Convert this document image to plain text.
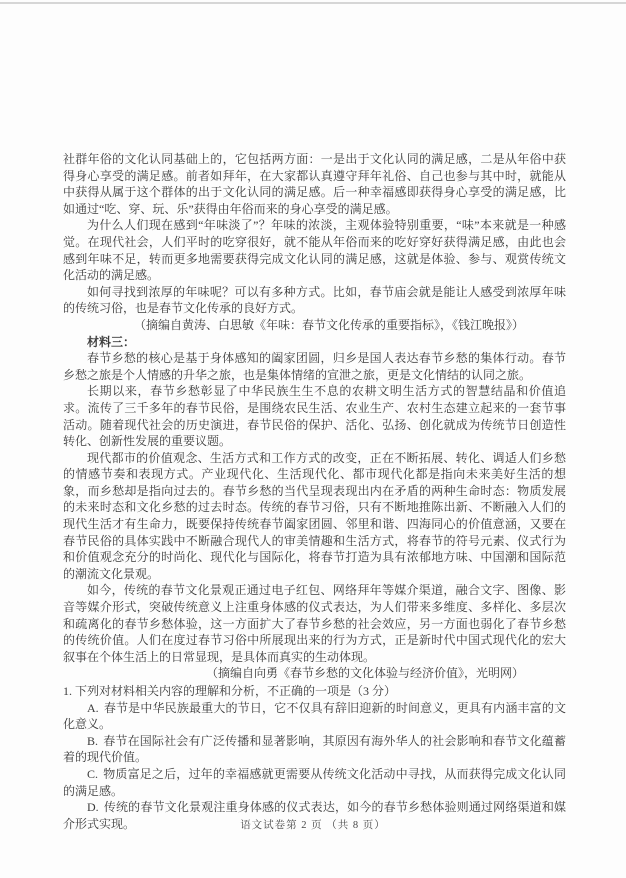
社群年俗的文化认同基础上的，它包括两方面：一是出于文化认同的满足感，二是从年俗中获得身心享受的满足感。前者如拜年，在大家都认真遵守拜年礼俗、自己也参与其中时，就能从中获得从属于这个群体的出于文化认同的满足感。后一种幸福感即获得身心享受的满足感，比如通过“吃、穿、玩、乐”获得由年俗而来的身心享受的满足感。

为什么人们现在感到“年味淡了”？年味的浓淡，主观体验特别重要，“味”本来就是一种感觉。在现代社会，人们平时的吃穿很好，就不能从年俗而来的吃好穿好获得满足感，由此也会感到年味不足，转而更多地需要获得完成文化认同的满足感，这就是体验、参与、观赏传统文化活动的满足感。

如何寻找到浓厚的年味呢？可以有多种方式。比如，春节庙会就是能让人感受到浓厚年味的传统习俗，也是春节文化传承的良好方式。

（摘编自黄涛、白思敏《年味：春节文化传承的重要指标》，《钱江晚报》）

材料三：

春节乡愁的核心是基于身体感知的阖家团圆，归乡是国人表达春节乡愁的集体行动。春节乡愁之旅是个人情感的升华之旅，也是集体情绪的宣泄之旅，更是文化情结的认同之旅。

长期以来，春节乡愁彰显了中华民族生生不息的农耕文明生活方式的智慧结晶和价值追求。流传了三千多年的春节民俗，是围绕农民生活、农业生产、农村生态建立起来的一套节事活动。随着现代社会的历史演进，春节民俗的保护、活化、弘扬、创化就成为传统节日创造性转化、创新性发展的重要议题。

现代都市的价值观念、生活方式和工作方式的改变，正在不断拓展、转化、调适人们乡愁的情感节奏和表现方式。产业现代化、生活现代化、都市现代化都是指向未来美好生活的想象，而乡愁却是指向过去的。春节乡愁的当代呈现表现出内在矛盾的两种生命时态：物质发展的未来时态和文化乡愁的过去时态。传统的春节习俗，只有不断地推陈出新、不断融入人们的现代生活才有生命力，既要保持传统春节阖家团圆、邻里和谐、四海同心的价值意涵，又要在春节民俗的具体实践中不断融合现代人的审美情趣和生活方式，将春节的符号元素、仪式行为和价值观念充分的时尚化、现代化与国际化，将春节打造为具有浓郁地方味、中国潮和国际范的潮流文化景观。

如今，传统的春节文化景观正通过电子红包、网络拜年等媒介渠道，融合文字、图像、影音等媒介形式，突破传统意义上注重身体感的仪式表达，为人们带来多维度、多样化、多层次和疏离化的春节乡愁体验，这一方面扩大了春节乡愁的社会效应，另一方面也弱化了春节乡愁的传统价值。人们在度过春节习俗中所展现出来的行为方式，正是新时代中国式现代化的宏大叙事在个体生活上的日常显现，是具体而真实的生动体现。

（摘编自向勇《春节乡愁的文化体验与经济价值》，光明网）

1. 下列对材料相关内容的理解和分析，不正确的一项是（3 分）

A. 春节是中华民族最重大的节日，它不仅具有辞旧迎新的时间意义，更具有内涵丰富的文化意义。

B. 春节在国际社会有广泛传播和显著影响，其原因有海外华人的社会影响和春节文化蕴蓄着的现代价值。

C. 物质富足之后，过年的幸福感就更需要从传统文化活动中寻找，从而获得完成文化认同的满足感。

D. 传统的春节文化景观注重身体感的仪式表达，如今的春节乡愁体验则通过网络渠道和媒介形式实现。	语文试卷第 2 页 （共 8 页）
